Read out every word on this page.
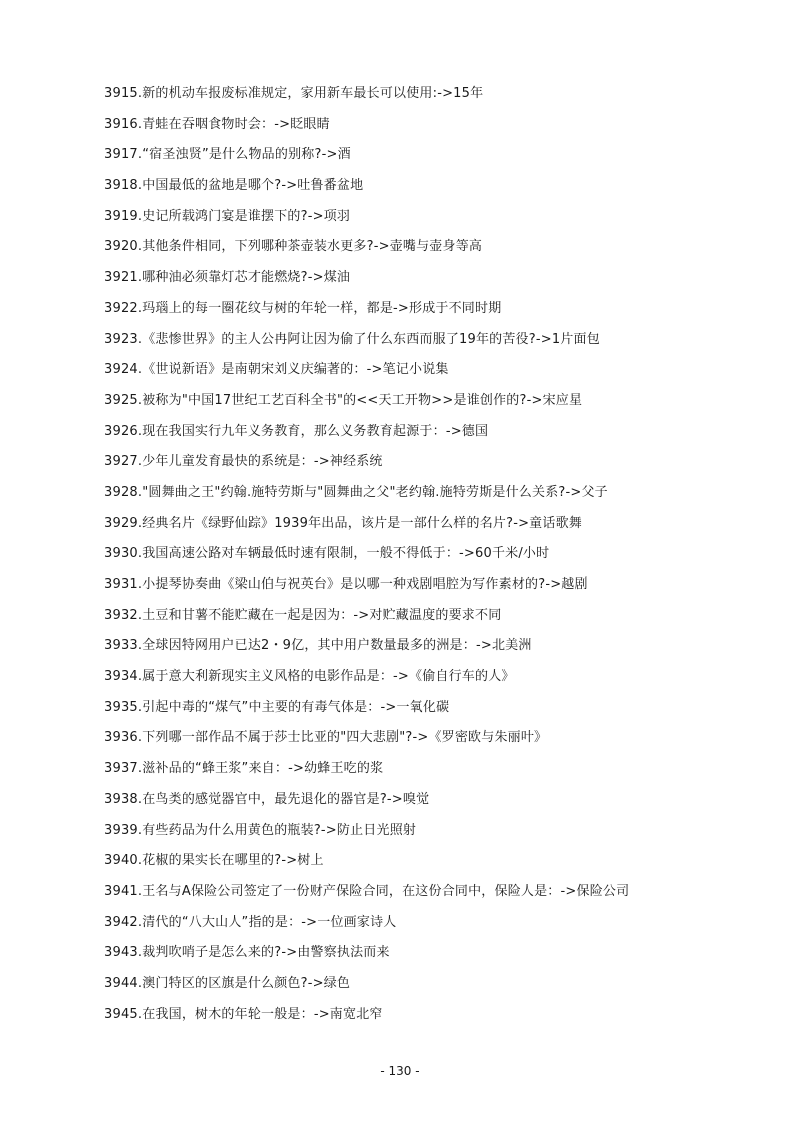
3915.新的机动车报废标准规定，家用新车最长可以使用:->15年
3916.青蛙在吞咽食物时会：->眨眼睛
3917.“宿圣浊贤”是什么物品的别称?->酒
3918.中国最低的盆地是哪个?->吐鲁番盆地
3919.史记所载鸿门宴是谁摆下的?->项羽
3920.其他条件相同，下列哪种茶壶装水更多?->壶嘴与壶身等高
3921.哪种油必须靠灯芯才能燃烧?->煤油
3922.玛瑙上的每一圈花纹与树的年轮一样，都是->形成于不同时期
3923.《悲惨世界》的主人公冉阿让因为偷了什么东西而服了19年的苦役?->1片面包
3924.《世说新语》是南朝宋刘义庆编著的：->笔记小说集
3925.被称为"中国17世纪工艺百科全书"的<<天工开物>>是谁创作的?->宋应星
3926.现在我国实行九年义务教育，那么义务教育起源于：->德国
3927.少年儿童发育最快的系统是：->神经系统
3928."圆舞曲之王"约翰.施特劳斯与"圆舞曲之父"老约翰.施特劳斯是什么关系?->父子
3929.经典名片《绿野仙踪》1939年出品，该片是一部什么样的名片?->童话歌舞
3930.我国高速公路对车辆最低时速有限制，一般不得低于：->60千米/小时
3931.小提琴协奏曲《梁山伯与祝英台》是以哪一种戏剧唱腔为写作素材的?->越剧
3932.土豆和甘薯不能贮藏在一起是因为：->对贮藏温度的要求不同
3933.全球因特网用户已达2・9亿，其中用户数量最多的洲是：->北美洲
3934.属于意大利新现实主义风格的电影作品是：->《偷自行车的人》
3935.引起中毒的“煤气”中主要的有毒气体是：->一氧化碳
3936.下列哪一部作品不属于莎士比亚的"四大悲剧"?->《罗密欧与朱丽叶》
3937.滋补品的“蜂王浆”来自：->幼蜂王吃的浆
3938.在鸟类的感觉器官中，最先退化的器官是?->嗅觉
3939.有些药品为什么用黄色的瓶装?->防止日光照射
3940.花椒的果实长在哪里的?->树上
3941.王名与A保险公司签定了一份财产保险合同，在这份合同中，保险人是：->保险公司
3942.清代的“八大山人”指的是：->一位画家诗人
3943.裁判吹哨子是怎么来的?->由警察执法而来
3944.澳门特区的区旗是什么颜色?->绿色
3945.在我国，树木的年轮一般是：->南宽北窄
- 130 -
